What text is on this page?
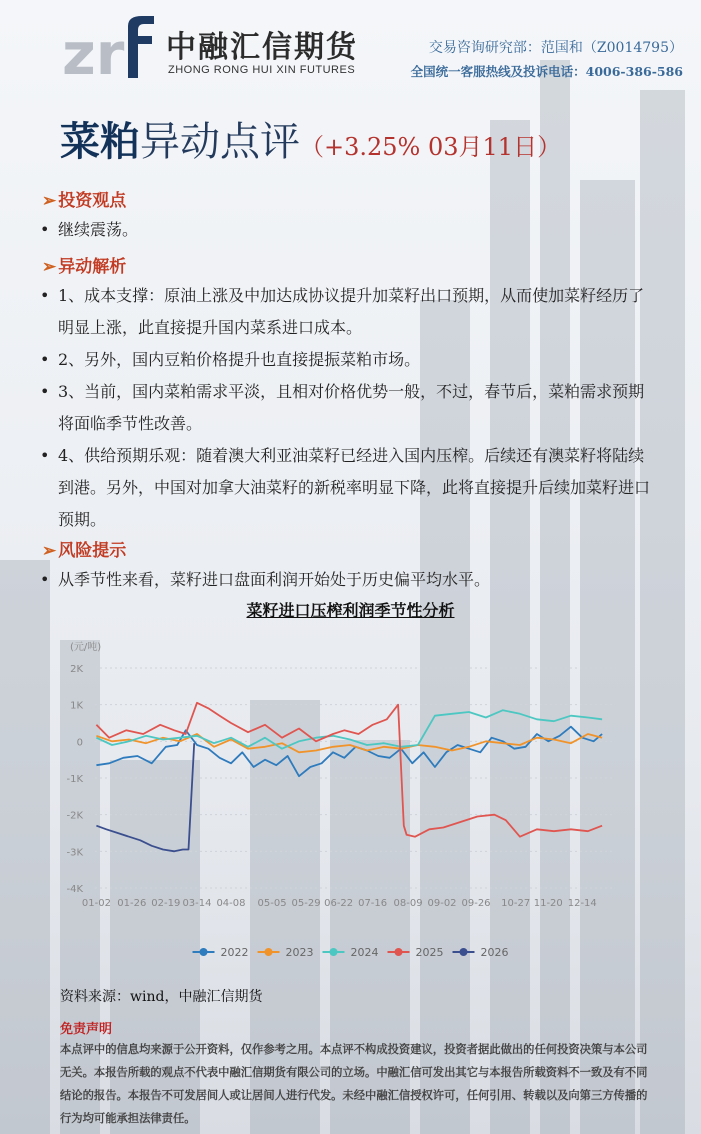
zr 中融汇信期货
ZHONG RONG HUI XIN FUTURES
交易咨询研究部：范国和（Z0014795）
全国统一客服热线及投诉电话：4006-386-586
菜粕异动点评（+3.25% 03月11日）
➢ 投资观点
• 继续震荡。
➢ 异动解析
• 1、成本支撑：原油上涨及中加达成协议提升加菜籽出口预期，从而使加菜籽经历了明显上涨，此直接提升国内菜系进口成本。
• 2、另外，国内豆粕价格提升也直接提振菜粕市场。
• 3、当前，国内菜粕需求平淡，且相对价格优势一般，不过，春节后，菜粕需求预期将面临季节性改善。
• 4、供给预期乐观：随着澳大利亚油菜籽已经进入国内压榨。后续还有澳菜籽将陆续到港。另外，中国对加拿大油菜籽的新税率明显下降，此将直接提升后续加菜籽进口预期。
➢ 风险提示
• 从季节性来看，菜籽进口盘面利润开始处于历史偏平均水平。
菜籽进口压榨利润季节性分析
(元/吨)
2K
1K
0
-1K
-2K
-3K
-4K
01-02 01-26 02-19 03-14 04-08 05-05 05-29 06-22 07-16 08-09 09-02 09-26 10-27 11-20 12-14
2022	2023	2024	2025	2026
资料来源：wind，中融汇信期货
免责声明
本点评中的信息均来源于公开资料，仅作参考之用。本点评不构成投资建议，投资者据此做出的任何投资决策与本公司无关。本报告所载的观点不代表中融汇信期货有限公司的立场。中融汇信可发出其它与本报告所载资料不一致及有不同结论的报告。本报告不可发居间人或让居间人进行代发。未经中融汇信授权许可，任何引用、转载以及向第三方传播的行为均可能承担法律责任。
